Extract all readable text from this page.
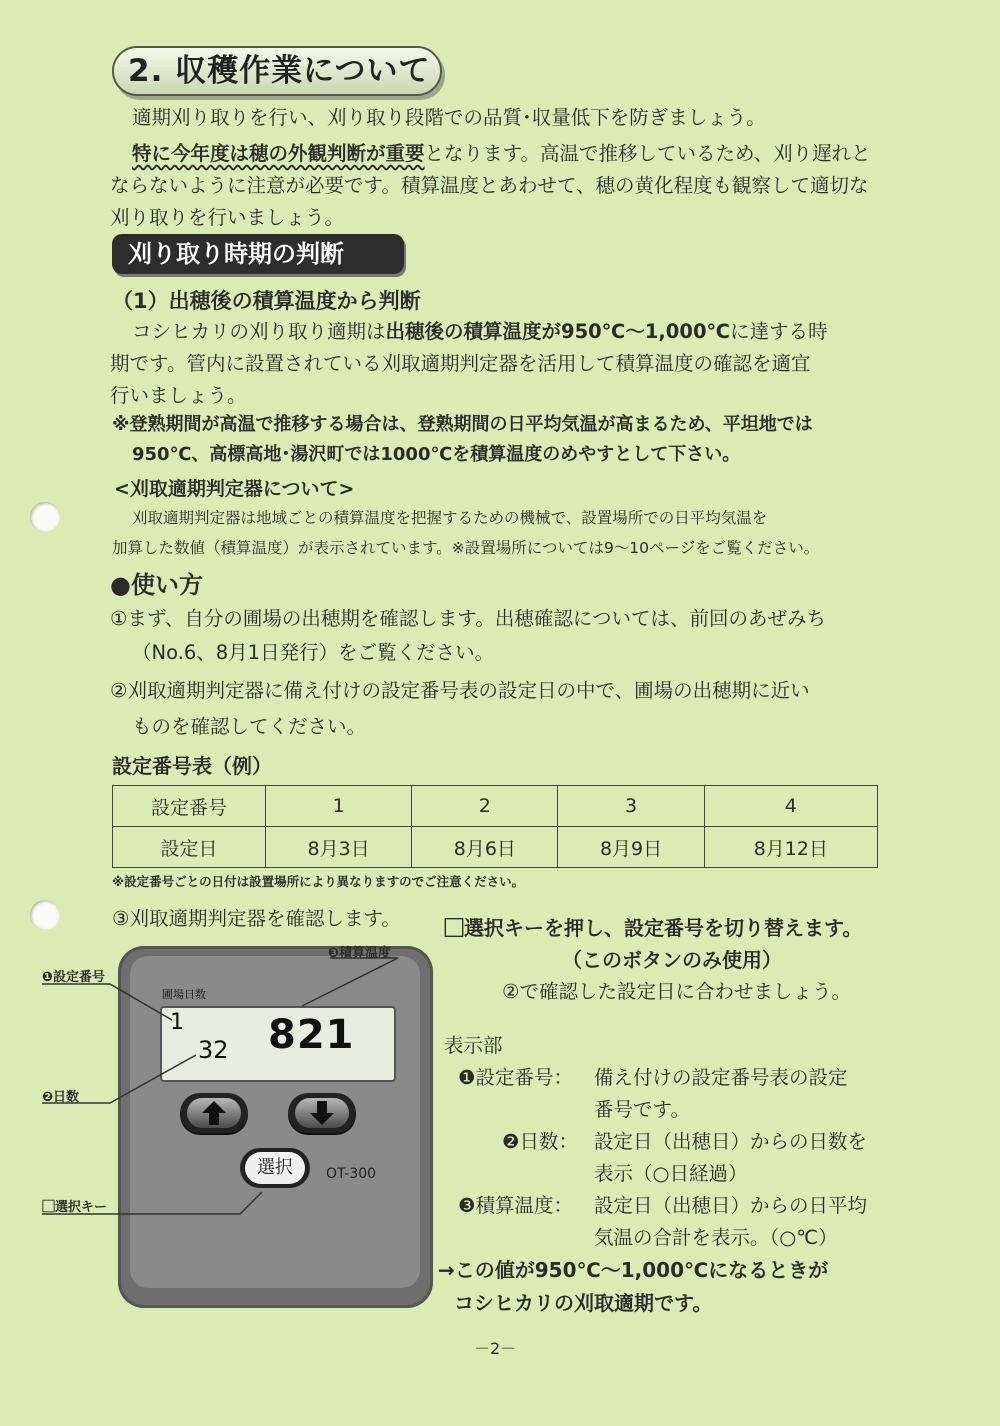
2. 収穫作業について

適期刈り取りを行い、刈り取り段階での品質･収量低下を防ぎましょう。

特に今年度は穂の外観判断が重要となります。高温で推移しているため、刈り遅れと

ならないように注意が必要です。積算温度とあわせて、穂の黄化程度も観察して適切な

刈り取りを行いましょう。

刈り取り時期の判断
（1）出穂後の積算温度から判断

コシヒカリの刈り取り適期は出穂後の積算温度が950℃～1,000℃に達する時

期です。管内に設置されている刈取適期判定器を活用して積算温度の確認を適宜

行いましょう。

※登熟期間が高温で推移する場合は、登熟期間の日平均気温が高まるため、平坦地では
950℃、高標高地･湯沢町では1000℃を積算温度のめやすとして下さい。
<刈取適期判定器について>
刈取適期判定器は地域ごとの積算温度を把握するための機械で、設置場所での日平均気温を
加算した数値（積算温度）が表示されています。※設置場所については9～10ページをご覧ください。
●使い方

①まず、自分の圃場の出穂期を確認します。出穂確認については、前回のあぜみち

（No.6、8月1日発行）をご覧ください。

②刈取適期判定器に備え付けの設定番号表の設定日の中で、圃場の出穂期に近い

ものを確認してください。

設定番号表（例）
設定番号	1	2	3	4
設定日	8月3日	8月6日	8月9日	8月12日
※設定番号ごとの日付は設置場所により異なりますのでご注意ください。
③刈取適期判定器を確認します。
圃場日数
1
32 821
選択	OT-300
❶設定番号
❸積算温度
❷日数
⃞選択キー
⃞選択キーを押し、設定番号を切り替えます。
（このボタンのみ使用）
②で確認した設定日に合わせましょう。
表示部
❶設定番号： 備え付けの設定番号表の設定
番号です。
❷日数： 設定日（出穂日）からの日数を
表示（○日経過）
❸積算温度： 設定日（出穂日）からの日平均
気温の合計を表示。（○℃）
→この値が950℃～1,000℃になるときが
コシヒカリの刈取適期です。
－2－
